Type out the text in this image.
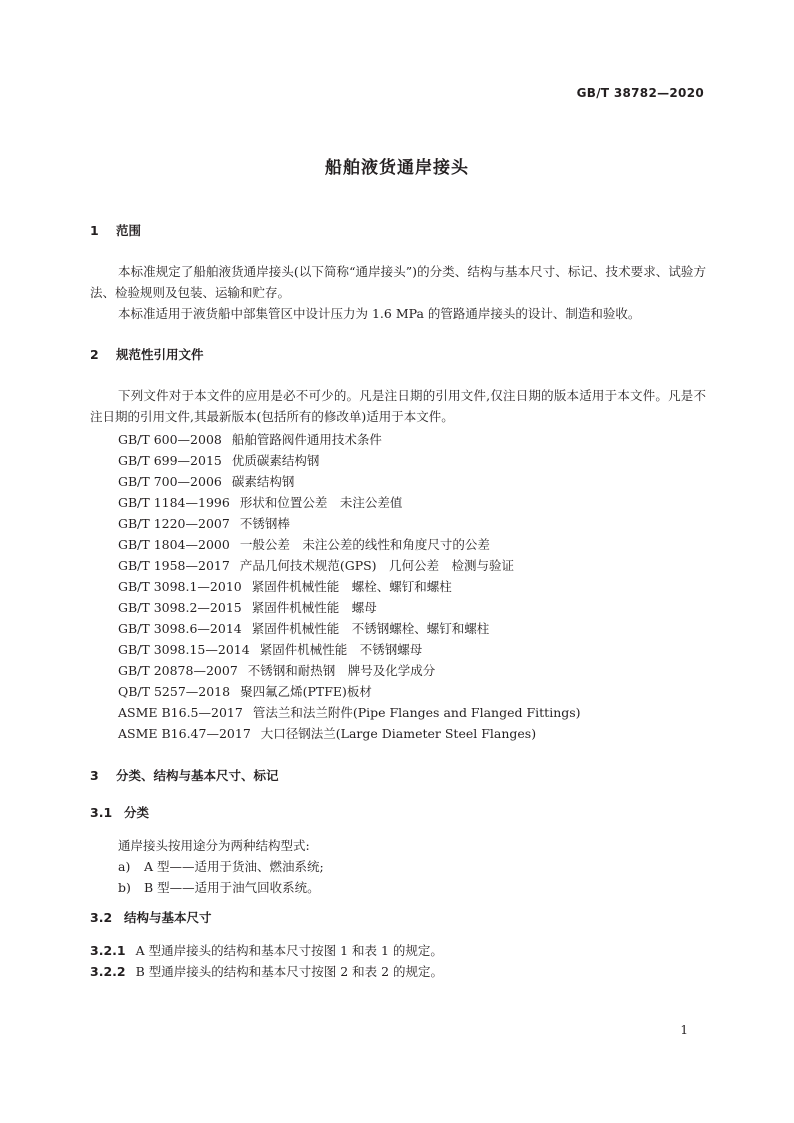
GB/T 38782—2020
船舶液货通岸接头
1 范围
本标准规定了船舶液货通岸接头(以下简称“通岸接头”)的分类、结构与基本尺寸、标记、技术要求、试验方法、检验规则及包装、运输和贮存。
本标准适用于液货船中部集管区中设计压力为 1.6 MPa 的管路通岸接头的设计、制造和验收。
2 规范性引用文件
下列文件对于本文件的应用是必不可少的。凡是注日期的引用文件,仅注日期的版本适用于本文件。凡是不注日期的引用文件,其最新版本(包括所有的修改单)适用于本文件。
GB/T 600—2008 船舶管路阀件通用技术条件
GB/T 699—2015 优质碳素结构钢
GB/T 700—2006 碳素结构钢
GB/T 1184—1996 形状和位置公差　未注公差值
GB/T 1220—2007 不锈钢棒
GB/T 1804—2000 一般公差　未注公差的线性和角度尺寸的公差
GB/T 1958—2017 产品几何技术规范(GPS)　几何公差　检测与验证
GB/T 3098.1—2010 紧固件机械性能　螺栓、螺钉和螺柱
GB/T 3098.2—2015 紧固件机械性能　螺母
GB/T 3098.6—2014 紧固件机械性能　不锈钢螺栓、螺钉和螺柱
GB/T 3098.15—2014 紧固件机械性能　不锈钢螺母
GB/T 20878—2007 不锈钢和耐热钢　牌号及化学成分
QB/T 5257—2018 聚四氟乙烯(PTFE)板材
ASME B16.5—2017 管法兰和法兰附件(Pipe Flanges and Flanged Fittings)
ASME B16.47—2017 大口径钢法兰(Large Diameter Steel Flanges)
3 分类、结构与基本尺寸、标记
3.1 分类
通岸接头按用途分为两种结构型式:
a) A 型——适用于货油、燃油系统;
b) B 型——适用于油气回收系统。
3.2 结构与基本尺寸
3.2.1 A 型通岸接头的结构和基本尺寸按图 1 和表 1 的规定。
3.2.2 B 型通岸接头的结构和基本尺寸按图 2 和表 2 的规定。
1
